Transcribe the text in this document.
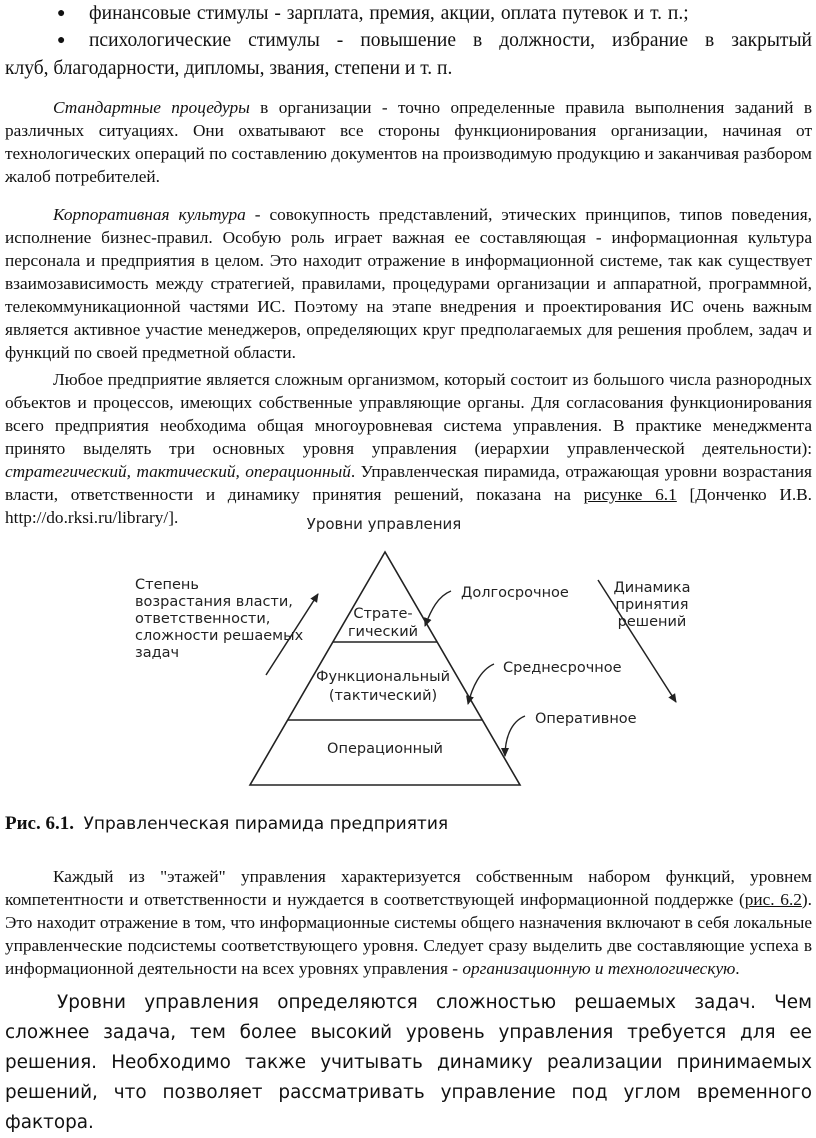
● финансовые стимулы - зарплата, премия, акции, оплата путевок и т. п.;
● психологические стимулы - повышение в должности, избрание в закрытый
клуб, благодарности, дипломы, звания, степени и т. п.

Стандартные процедуры в организации - точно определенные правила выполнения заданий в различных ситуациях. Они охватывают все стороны функционирования организации, начиная от технологических операций по составлению документов на производимую продукцию и заканчивая разбором жалоб потребителей.

Корпоративная культура - совокупность представлений, этических принципов, типов поведения, исполнение бизнес-правил. Особую роль играет важная ее составляющая - информационная культура персонала и предприятия в целом. Это находит отражение в информационной системе, так как существует взаимозависимость между стратегией, правилами, процедурами организации и аппаратной, программной, телекоммуникационной частями ИС. Поэтому на этапе внедрения и проектирования ИС очень важным является активное участие менеджеров, определяющих круг предполагаемых для решения проблем, задач и функций по своей предметной области.

Любое предприятие является сложным организмом, который состоит из большого числа разнородных объектов и процессов, имеющих собственные управляющие органы. Для согласования функционирования всего предприятия необходима общая многоуровневая система управления. В практике менеджмента принято выделять три основных уровня управления (иерархии управленческой деятельности): стратегический, тактический, операционный. Управленческая пирамида, отражающая уровни возрастания власти, ответственности и динамику принятия решений, показана на рисунке 6.1 [Донченко И.В. http://do.rksi.ru/library/].	Уровни управления
Страте-
гический
Функциональный
(тактический)
Операционный
Степень
возрастания власти,
ответственности,
сложности решаемых
задач
Динамика
принятия
решений
Долгосрочное
Среднесрочное
Оперативное
Рис. 6.1. Управленческая пирамида предприятия

Каждый из "этажей" управления характеризуется собственным набором функций, уровнем компетентности и ответственности и нуждается в соответствующей информационной поддержке (рис. 6.2). Это находит отражение в том, что информационные системы общего назначения включают в себя локальные управленческие подсистемы соответствующего уровня. Следует сразу выделить две составляющие успеха в информационной деятельности на всех уровнях управления - организационную и технологическую.

Уровни управления определяются сложностью решаемых задач. Чем сложнее задача, тем более высокий уровень управления требуется для ее решения. Необходимо также учитывать динамику реализации принимаемых решений, что позволяет рассматривать управление под углом временного фактора.
